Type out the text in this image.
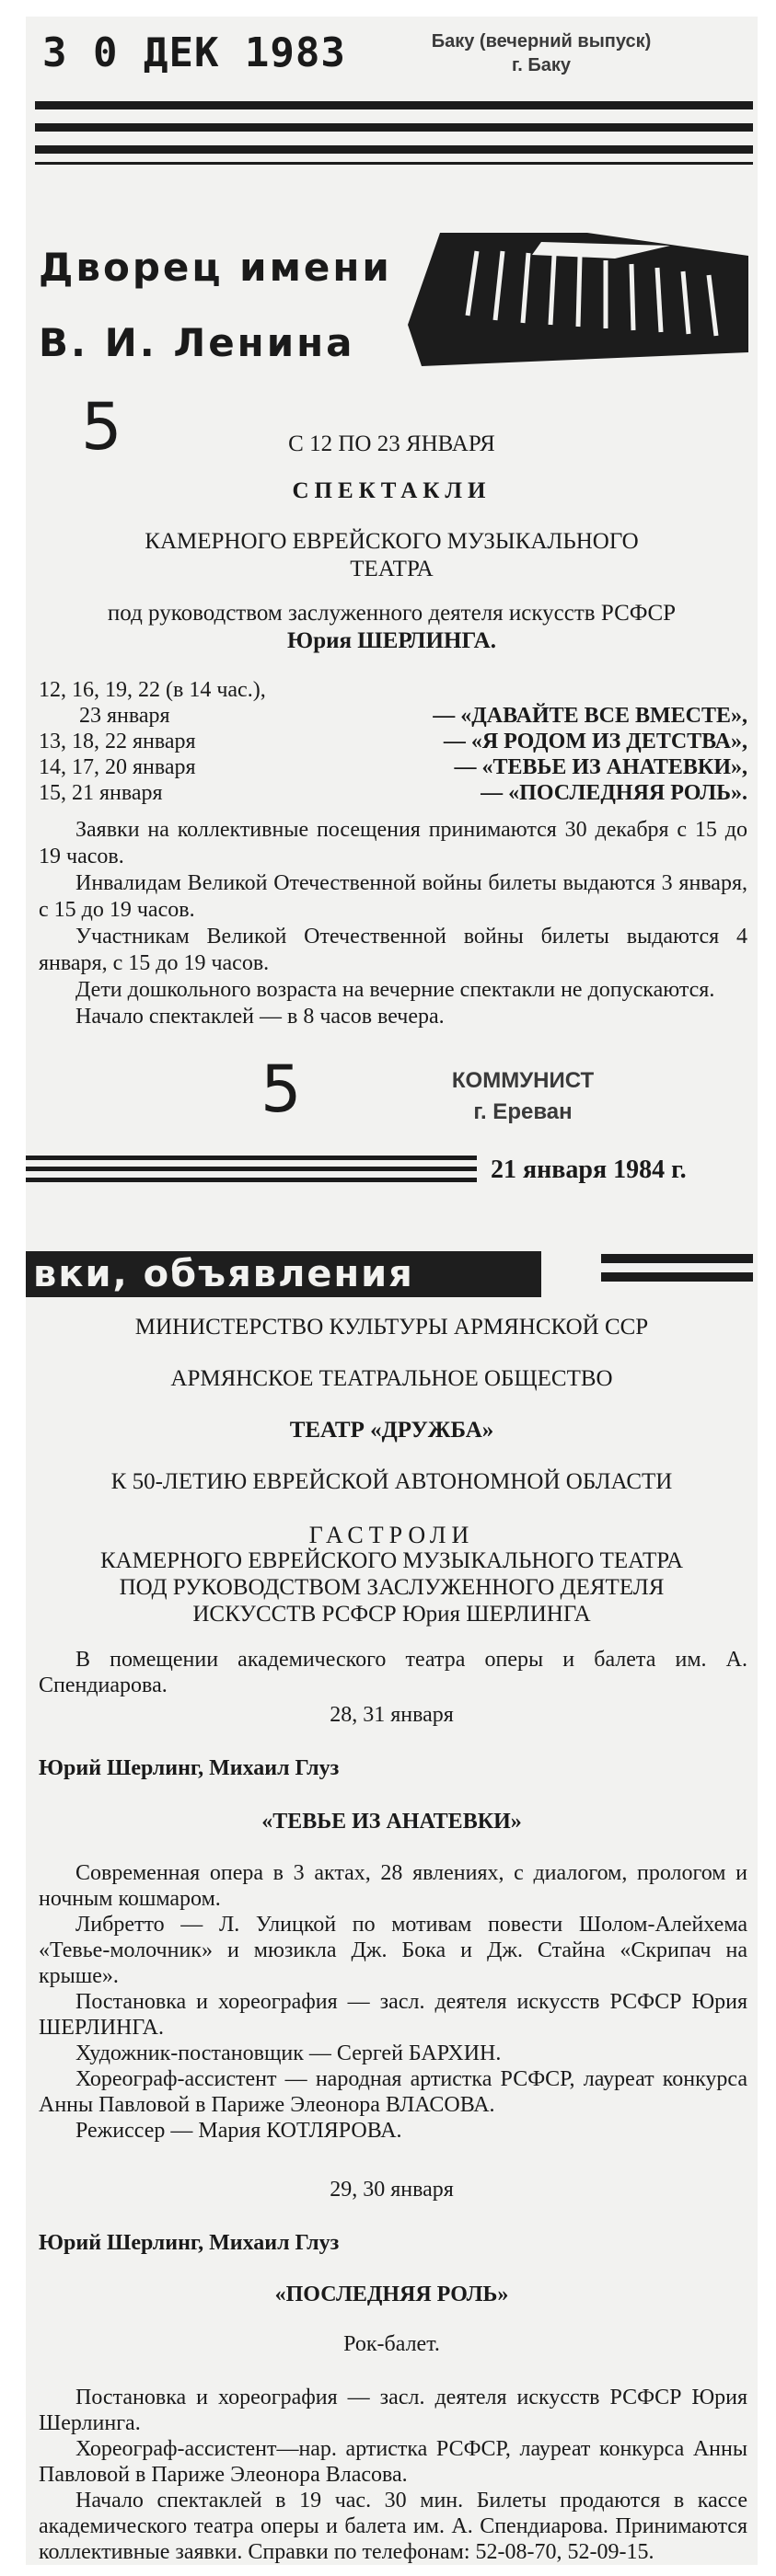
3 0 ДЕК 1983	Баку (вечерний выпуск)
г. Баку
Дворец имени
В. И. Ленина
5	С 12 ПО 23 ЯНВАРЯ
СПЕКТАКЛИ
КАМЕРНОГО ЕВРЕЙСКОГО МУЗЫКАЛЬНОГО
ТЕАТРА
под руководством заслуженного деятеля искусств РСФСР
Юрия ШЕРЛИНГА.
12, 16, 19, 22 (в 14 час.),
23 января	— «ДАВАЙТЕ ВСЕ ВМЕСТЕ»,
13, 18, 22 января	— «Я РОДОМ ИЗ ДЕТСТВА»,
14, 17, 20 января	— «ТЕВЬЕ ИЗ АНАТЕВКИ»,
15, 21 января	— «ПОСЛЕДНЯЯ РОЛЬ».

Заявки на коллективные посещения принимаются 30 декабря с 15 до 19 часов.

Инвалидам Великой Отечественной войны билеты выдаются 3 января, с 15 до 19 часов.

Участникам Великой Отечественной войны билеты выдаются 4 января, с 15 до 19 часов.

Дети дошкольного возраста на вечерние спектакли не допускаются.

Начало спектаклей — в 8 часов вечера.

5	КОММУНИСТ
г. Ереван
21 января 1984 г.
вки, объявления
МИНИСТЕРСТВО КУЛЬТУРЫ АРМЯНСКОЙ ССР
АРМЯНСКОЕ ТЕАТРАЛЬНОЕ ОБЩЕСТВО
ТЕАТР «ДРУЖБА»
К 50-ЛЕТИЮ ЕВРЕЙСКОЙ АВТОНОМНОЙ ОБЛАСТИ
ГАСТРОЛИ
КАМЕРНОГО ЕВРЕЙСКОГО МУЗЫКАЛЬНОГО ТЕАТРА
ПОД РУКОВОДСТВОМ ЗАСЛУЖЕННОГО ДЕЯТЕЛЯ
ИСКУССТВ РСФСР Юрия ШЕРЛИНГА

В помещении академического театра оперы и балета им. А. Спендиарова.

28, 31 января
Юрий Шерлинг, Михаил Глуз
«ТЕВЬЕ ИЗ АНАТЕВКИ»

Современная опера в 3 актах, 28 явлениях, с диалогом, прологом и ночным кошмаром.

Либретто — Л. Улицкой по мотивам повести Шолом-Алейхема «Тевье-молочник» и мюзикла Дж. Бока и Дж. Стайна «Скрипач на крыше».

Постановка и хореография — засл. деятеля искусств РСФСР Юрия ШЕРЛИНГА.

Художник-постановщик — Сергей БАРХИН.

Хореограф-ассистент — народная артистка РСФСР, лауреат конкурса Анны Павловой в Париже Элеонора ВЛАСОВА.

Режиссер — Мария КОТЛЯРОВА.

29, 30 января
Юрий Шерлинг, Михаил Глуз
«ПОСЛЕДНЯЯ РОЛЬ»
Рок-балет.

Постановка и хореография — засл. деятеля искусств РСФСР Юрия Шерлинга.

Хореограф-ассистент—нар. артистка РСФСР, лауреат конкурса Анны Павловой в Париже Элеонора Власова.

Начало спектаклей в 19 час. 30 мин. Билеты продаются в кассе академического театра оперы и балета им. А. Спендиарова. Принимаются коллективные заявки. Справки по телефонам: 52-08-70, 52-09-15.
